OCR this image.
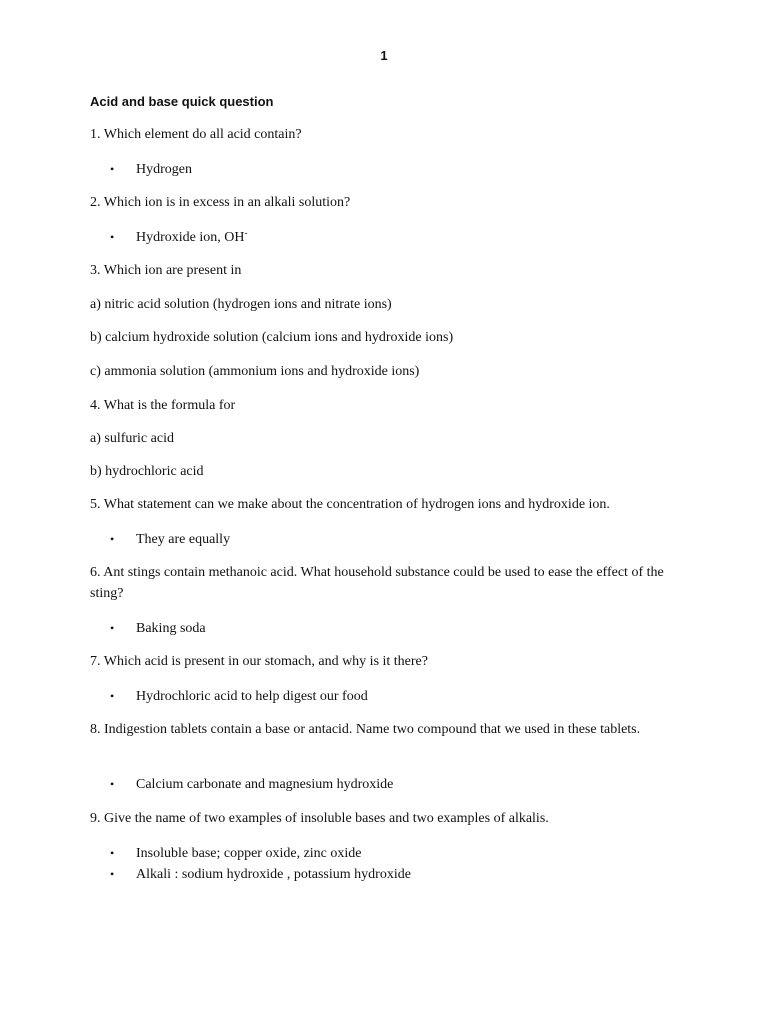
1
Acid and base quick question
1. Which element do all acid contain?
• Hydrogen
2. Which ion is in excess in an alkali solution?
• Hydroxide ion, OH-
3. Which ion are present in
a) nitric acid solution (hydrogen ions and nitrate ions)
b) calcium hydroxide solution (calcium ions and hydroxide ions)
c) ammonia solution (ammonium ions and hydroxide ions)
4. What is the formula for
a) sulfuric acid
b) hydrochloric acid
5. What statement can we make about the concentration of hydrogen ions and hydroxide ion.
• They are equally
6. Ant stings contain methanoic acid. What household substance could be used to ease the effect of the sting?
• Baking soda
7. Which acid is present in our stomach, and why is it there?
• Hydrochloric acid to help digest our food
8. Indigestion tablets contain a base or antacid. Name two compound that we used in these tablets.
• Calcium carbonate and magnesium hydroxide
9. Give the name of two examples of insoluble bases and two examples of alkalis.
• Insoluble base; copper oxide, zinc oxide
• Alkali : sodium hydroxide , potassium hydroxide
